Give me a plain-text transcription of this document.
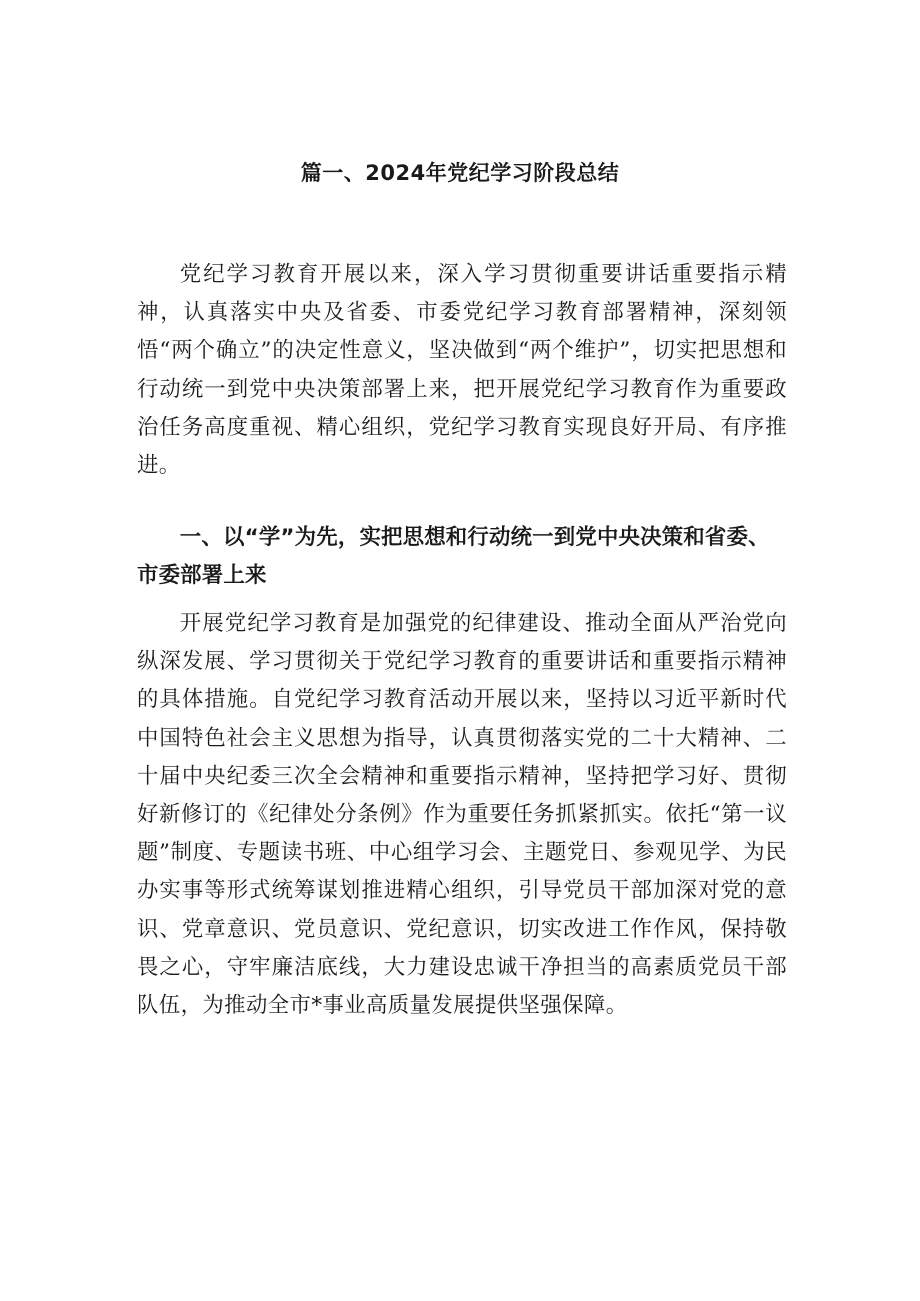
篇一、2024年党纪学习阶段总结

党纪学习教育开展以来，深入学习贯彻重要讲话重要指示精神，认真落实中央及省委、市委党纪学习教育部署精神，深刻领悟“两个确立”的决定性意义，坚决做到“两个维护”，切实把思想和行动统一到党中央决策部署上来，把开展党纪学习教育作为重要政治任务高度重视、精心组织，党纪学习教育实现良好开局、有序推进。

一、以“学”为先，实把思想和行动统一到党中央决策和省委、市委部署上来

开展党纪学习教育是加强党的纪律建设、推动全面从严治党向纵深发展、学习贯彻关于党纪学习教育的重要讲话和重要指示精神的具体措施。自党纪学习教育活动开展以来，坚持以习近平新时代中国特色社会主义思想为指导，认真贯彻落实党的二十大精神、二十届中央纪委三次全会精神和重要指示精神，坚持把学习好、贯彻好新修订的《纪律处分条例》作为重要任务抓紧抓实。依托“第一议题”制度、专题读书班、中心组学习会、主题党日、参观见学、为民办实事等形式统筹谋划推进精心组织，引导党员干部加深对党的意识、党章意识、党员意识、党纪意识，切实改进工作作风，保持敬畏之心，守牢廉洁底线，大力建设忠诚干净担当的高素质党员干部队伍，为推动全市*事业高质量发展提供坚强保障。
